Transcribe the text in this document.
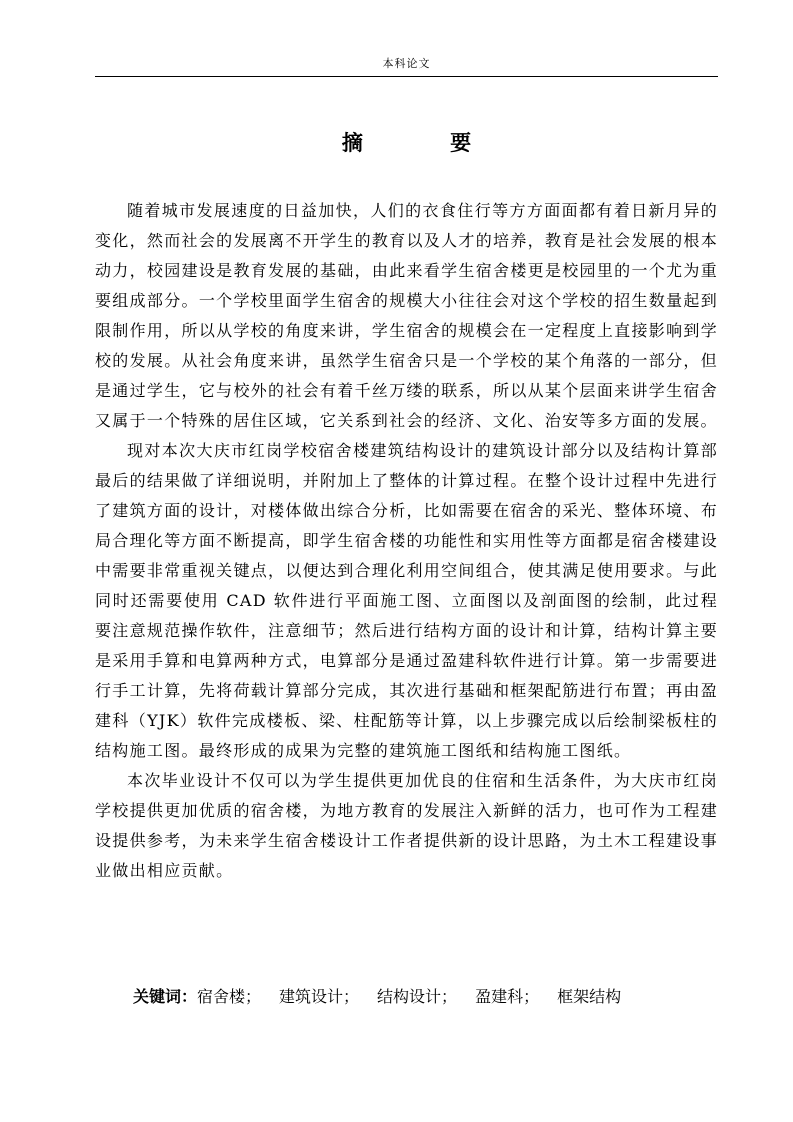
本科论文
摘 要

随着城市发展速度的日益加快，人们的衣食住行等方方面面都有着日新月异的变化，然而社会的发展离不开学生的教育以及人才的培养，教育是社会发展的根本动力，校园建设是教育发展的基础，由此来看学生宿舍楼更是校园里的一个尤为重要组成部分。一个学校里面学生宿舍的规模大小往往会对这个学校的招生数量起到限制作用，所以从学校的角度来讲，学生宿舍的规模会在一定程度上直接影响到学校的发展。从社会角度来讲，虽然学生宿舍只是一个学校的某个角落的一部分，但是通过学生，它与校外的社会有着千丝万缕的联系，所以从某个层面来讲学生宿舍又属于一个特殊的居住区域，它关系到社会的经济、文化、治安等多方面的发展。

现对本次大庆市红岗学校宿舍楼建筑结构设计的建筑设计部分以及结构计算部最后的结果做了详细说明，并附加上了整体的计算过程。在整个设计过程中先进行了建筑方面的设计，对楼体做出综合分析，比如需要在宿舍的采光、整体环境、布局合理化等方面不断提高，即学生宿舍楼的功能性和实用性等方面都是宿舍楼建设中需要非常重视关键点，以便达到合理化利用空间组合，使其满足使用要求。与此同时还需要使用 CAD 软件进行平面施工图、立面图以及剖面图的绘制，此过程要注意规范操作软件，注意细节；然后进行结构方面的设计和计算，结构计算主要是采用手算和电算两种方式，电算部分是通过盈建科软件进行计算。第一步需要进行手工计算，先将荷载计算部分完成，其次进行基础和框架配筋进行布置；再由盈建科（YJK）软件完成楼板、梁、柱配筋等计算，以上步骤完成以后绘制梁板柱的结构施工图。最终形成的成果为完整的建筑施工图纸和结构施工图纸。

本次毕业设计不仅可以为学生提供更加优良的住宿和生活条件，为大庆市红岗学校提供更加优质的宿舍楼，为地方教育的发展注入新鲜的活力，也可作为工程建设提供参考，为未来学生宿舍楼设计工作者提供新的设计思路，为土木工程建设事业做出相应贡献。

关键词：宿舍楼； 建筑设计； 结构设计； 盈建科； 框架结构
